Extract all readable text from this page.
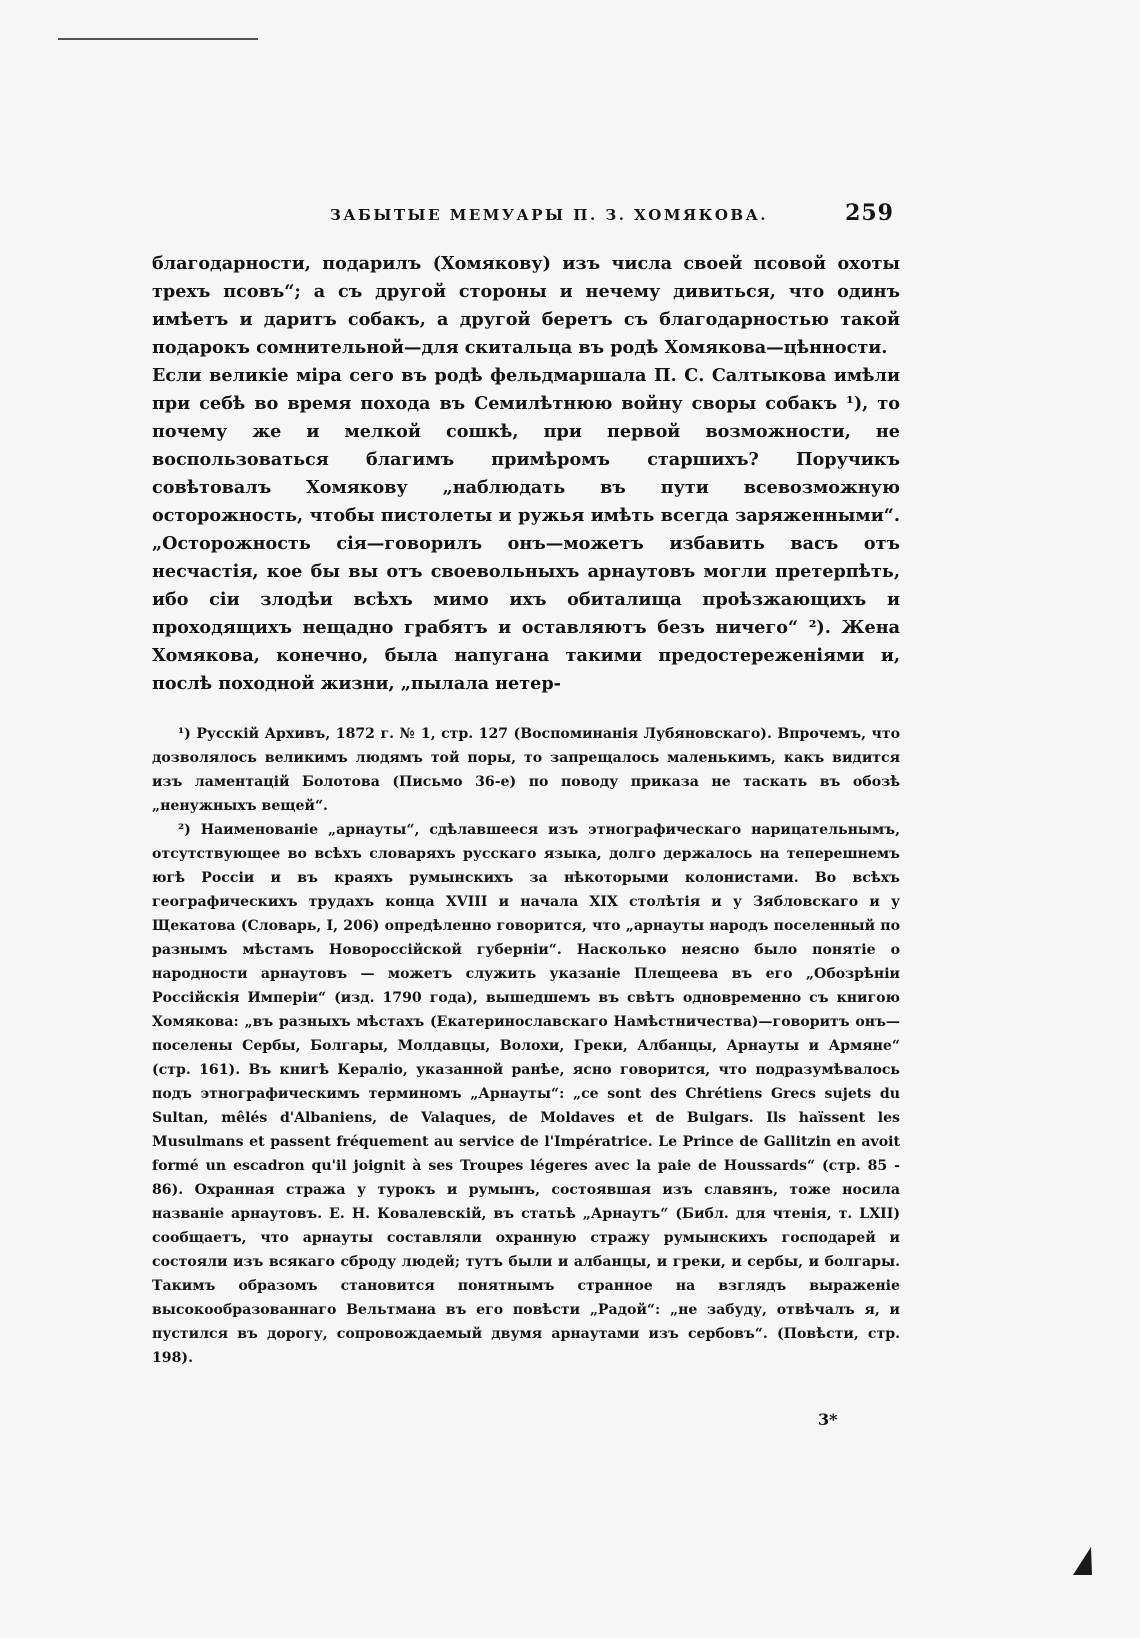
ЗАБЫТЫЕ МЕМУАРЫ П. З. ХОМЯКОВА.	259

благодарности, подарилъ (Хомякову) изъ числа своей псовой охоты трехъ псовъ“; а съ другой стороны и нечему дивиться, что одинъ имѣетъ и даритъ собакъ, а другой беретъ съ благодарностью такой подарокъ сомнительной—для скитальца въ родѣ Хомякова—цѣнности.

Если великіе міра сего въ родѣ фельдмаршала П. С. Салтыкова имѣли при себѣ во время похода въ Семилѣтнюю войну своры собакъ ¹), то почему же и мелкой сошкѣ, при первой возможности, не воспользоваться благимъ примѣромъ старшихъ? Поручикъ совѣтовалъ Хомякову „наблюдать въ пути всевозможную осторожность, чтобы пистолеты и ружья имѣть всегда заряженными“. „Осторожность сія—говорилъ онъ—можетъ избавить васъ отъ несчастія, кое бы вы отъ своевольныхъ арнаутовъ могли претерпѣть, ибо сіи злодѣи всѣхъ мимо ихъ обиталища проѣзжающихъ и проходящихъ нещадно грабятъ и оставляютъ безъ ничего“ ²). Жена Хомякова, конечно, была напугана такими предостереженіями и, послѣ походной жизни, „пылала нетер-

¹) Русскій Архивъ, 1872 г. № 1, стр. 127 (Воспоминанія Лубяновскаго). Впрочемъ, что дозволялось великимъ людямъ той поры, то запрещалось маленькимъ, какъ видится изъ ламентацій Болотова (Письмо 36-е) по поводу приказа не таскать въ обозѣ „ненужныхъ вещей“.

²) Наименованіе „арнауты“, сдѣлавшееся изъ этнографическаго нарицательнымъ, отсутствующее во всѣхъ словаряхъ русскаго языка, долго держалось на теперешнемъ югѣ Россіи и въ краяхъ румынскихъ за нѣкоторыми колонистами. Во всѣхъ географическихъ трудахъ конца XVIII и начала XIX столѣтія и у Зябловскаго и у Щекатова (Словарь, I, 206) опредѣленно говорится, что „арнауты народъ поселенный по разнымъ мѣстамъ Новороссійской губерніи“. Насколько неясно было понятіе о народности арнаутовъ — можетъ служить указаніе Плещеева въ его „Обозрѣніи Россійскія Имперіи“ (изд. 1790 года), вышедшемъ въ свѣтъ одновременно съ книгою Хомякова: „въ разныхъ мѣстахъ (Екатеринославскаго Намѣстничества)—говоритъ онъ—поселены Сербы, Болгары, Молдавцы, Волохи, Греки, Албанцы, Арнауты и Армяне“ (стр. 161). Въ книгѣ Кераліо, указанной ранѣе, ясно говорится, что подразумѣвалось подъ этнографическимъ терминомъ „Арнауты“: „ce sont des Chrétiens Grecs sujets du Sultan, mêlés d'Albaniens, de Valaques, de Moldaves et de Bulgars. Ils haïssent les Musulmans et passent fréquement au service de l'Impératrice. Le Prince de Gallitzin en avoit formé un escadron qu'il joignit à ses Troupes légeres avec la paie de Houssards“ (стр. 85 - 86). Охранная стража у турокъ и румынъ, состоявшая изъ славянъ, тоже носила названіе арнаутовъ. Е. Н. Ковалевскій, въ статьѣ „Арнаутъ“ (Библ. для чтенія, т. LXII) сообщаетъ, что арнауты составляли охранную стражу румынскихъ господарей и состояли изъ всякаго сброду людей; тутъ были и албанцы, и греки, и сербы, и болгары. Такимъ образомъ становится понятнымъ странное на взглядъ выраженіе высокообразованнаго Вельтмана въ его повѣсти „Радой“: „не забуду, отвѣчалъ я, и пустился въ дорогу, сопровождаемый двумя арнаутами изъ сербовъ“. (Повѣсти, стр. 198).

3*
